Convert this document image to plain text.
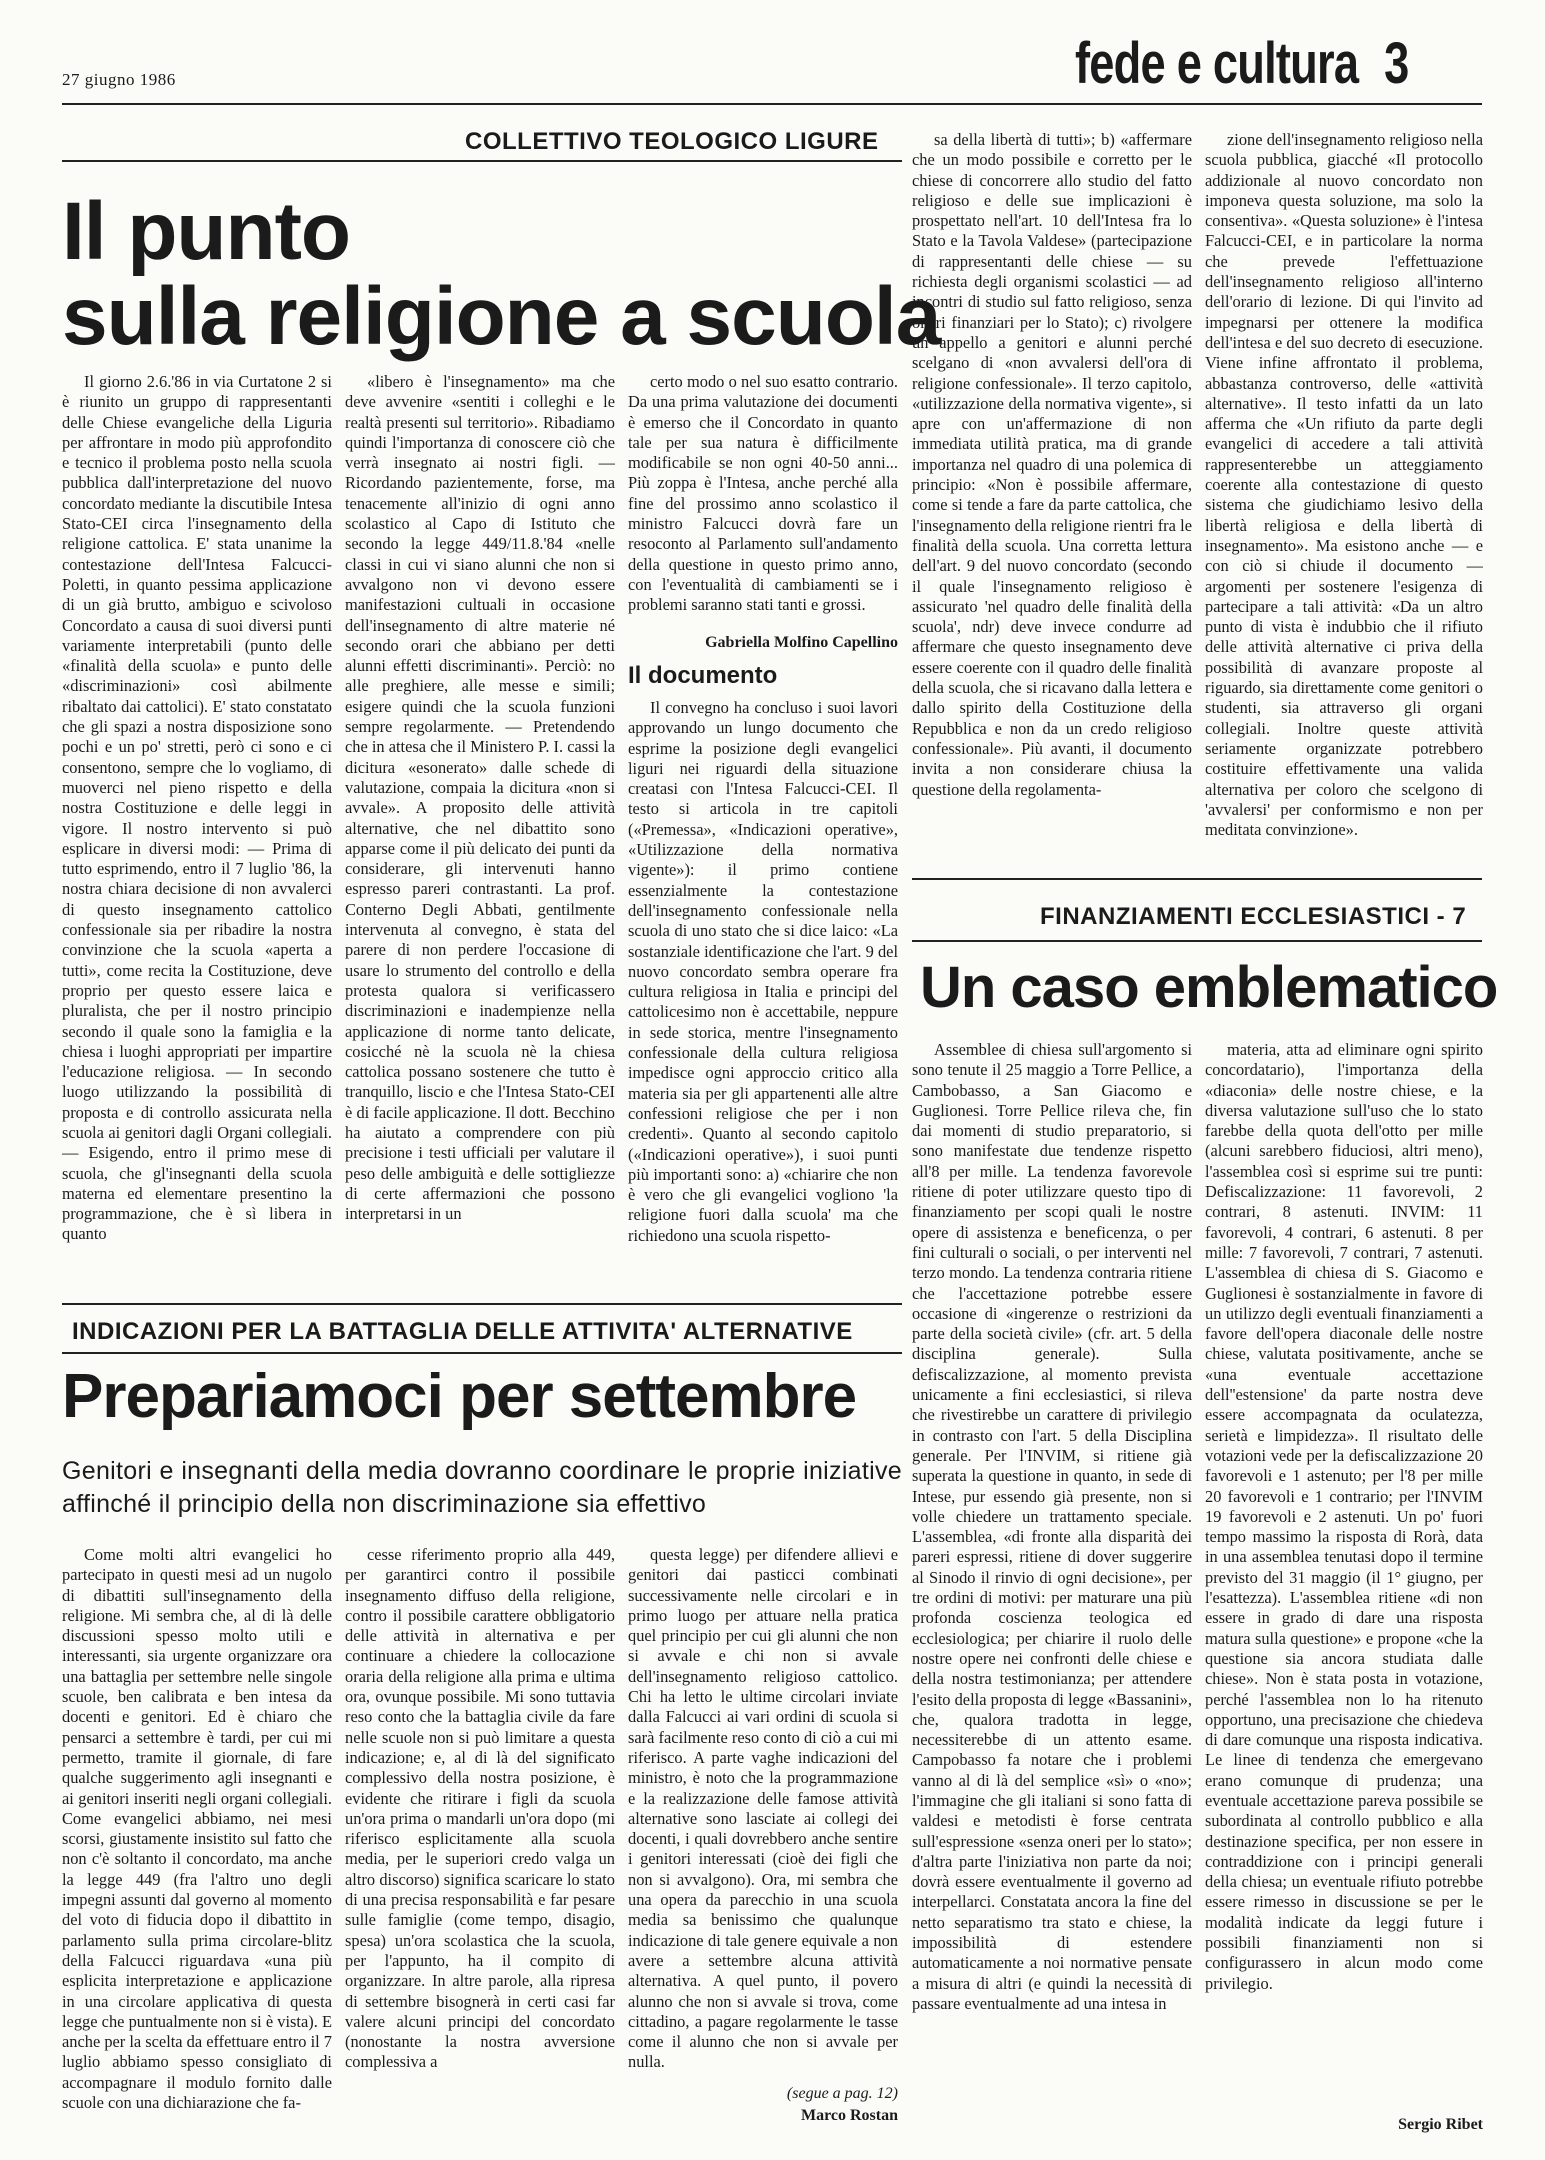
27 giugno 1986	fede e cultura 3
COLLETTIVO TEOLOGICO LIGURE
Il punto
sulla religione a scuola

Il giorno 2.6.'86 in via Curtatone 2 si è riunito un gruppo di rappresentanti delle Chiese evangeliche della Liguria per affrontare in modo più approfondito e tecnico il problema posto nella scuola pubblica dall'interpretazione del nuovo concordato mediante la discutibile Intesa Stato-CEI circa l'insegnamento della religione cattolica. E' stata unanime la contestazione dell'Intesa Falcucci-Poletti, in quanto pessima applicazione di un già brutto, ambiguo e scivoloso Concordato a causa di suoi diversi punti variamente interpretabili (punto delle «finalità della scuola» e punto delle «discriminazioni» così abilmente ribaltato dai cattolici). E' stato constatato che gli spazi a nostra disposizione sono pochi e un po' stretti, però ci sono e ci consentono, sempre che lo vogliamo, di muoverci nel pieno rispetto e della nostra Costituzione e delle leggi in vigore. Il nostro intervento si può esplicare in diversi modi: — Prima di tutto esprimendo, entro il 7 luglio '86, la nostra chiara decisione di non avvalerci di questo insegnamento cattolico confessionale sia per ribadire la nostra convinzione che la scuola «aperta a tutti», come recita la Costituzione, deve proprio per questo essere laica e pluralista, che per il nostro principio secondo il quale sono la famiglia e la chiesa i luoghi appropriati per impartire l'educazione religiosa. — In secondo luogo utilizzando la possibilità di proposta e di controllo assicurata nella scuola ai genitori dagli Organi collegiali. — Esigendo, entro il primo mese di scuola, che gl'insegnanti della scuola materna ed elementare presentino la programmazione, che è sì libera in quanto

«libero è l'insegnamento» ma che deve avvenire «sentiti i colleghi e le realtà presenti sul territorio». Ribadiamo quindi l'importanza di conoscere ciò che verrà insegnato ai nostri figli. — Ricordando pazientemente, forse, ma tenacemente all'inizio di ogni anno scolastico al Capo di Istituto che secondo la legge 449/11.8.'84 «nelle classi in cui vi siano alunni che non si avvalgono non vi devono essere manifestazioni cultuali in occasione dell'insegnamento di altre materie né secondo orari che abbiano per detti alunni effetti discriminanti». Perciò: no alle preghiere, alle messe e simili; esigere quindi che la scuola funzioni sempre regolarmente. — Pretendendo che in attesa che il Ministero P. I. cassi la dicitura «esonerato» dalle schede di valutazione, compaia la dicitura «non si avvale». A proposito delle attività alternative, che nel dibattito sono apparse come il più delicato dei punti da considerare, gli intervenuti hanno espresso pareri contrastanti. La prof. Conterno Degli Abbati, gentilmente intervenuta al convegno, è stata del parere di non perdere l'occasione di usare lo strumento del controllo e della protesta qualora si verificassero discriminazioni e inadempienze nella applicazione di norme tanto delicate, cosicché nè la scuola nè la chiesa cattolica possano sostenere che tutto è tranquillo, liscio e che l'Intesa Stato-CEI è di facile applicazione. Il dott. Becchino ha aiutato a comprendere con più precisione i testi ufficiali per valutare il peso delle ambiguità e delle sottigliezze di certe affermazioni che possono interpretarsi in un

certo modo o nel suo esatto contrario. Da una prima valutazione dei documenti è emerso che il Concordato in quanto tale per sua natura è difficilmente modificabile se non ogni 40-50 anni... Più zoppa è l'Intesa, anche perché alla fine del prossimo anno scolastico il ministro Falcucci dovrà fare un resoconto al Parlamento sull'andamento della questione in questo primo anno, con l'eventualità di cambiamenti se i problemi saranno stati tanti e grossi.

Gabriella Molfino Capellino
Il documento

Il convegno ha concluso i suoi lavori approvando un lungo documento che esprime la posizione degli evangelici liguri nei riguardi della situazione creatasi con l'Intesa Falcucci-CEI. Il testo si articola in tre capitoli («Premessa», «Indicazioni operative», «Utilizzazione della normativa vigente»): il primo contiene essenzialmente la contestazione dell'insegnamento confessionale nella scuola di uno stato che si dice laico: «La sostanziale identificazione che l'art. 9 del nuovo concordato sembra operare fra cultura religiosa in Italia e principi del cattolicesimo non è accettabile, neppure in sede storica, mentre l'insegnamento confessionale della cultura religiosa impedisce ogni approccio critico alla materia sia per gli appartenenti alle altre confessioni religiose che per i non credenti». Quanto al secondo capitolo («Indicazioni operative»), i suoi punti più importanti sono: a) «chiarire che non è vero che gli evangelici vogliono 'la religione fuori dalla scuola' ma che richiedono una scuola rispetto-

sa della libertà di tutti»; b) «affermare che un modo possibile e corretto per le chiese di concorrere allo studio del fatto religioso e delle sue implicazioni è prospettato nell'art. 10 dell'Intesa fra lo Stato e la Tavola Valdese» (partecipazione di rappresentanti delle chiese — su richiesta degli organismi scolastici — ad incontri di studio sul fatto religioso, senza oneri finanziari per lo Stato); c) rivolgere un appello a genitori e alunni perché scelgano di «non avvalersi dell'ora di religione confessionale». Il terzo capitolo, «utilizzazione della normativa vigente», si apre con un'affermazione di non immediata utilità pratica, ma di grande importanza nel quadro di una polemica di principio: «Non è possibile affermare, come si tende a fare da parte cattolica, che l'insegnamento della religione rientri fra le finalità della scuola. Una corretta lettura dell'art. 9 del nuovo concordato (secondo il quale l'insegnamento religioso è assicurato 'nel quadro delle finalità della scuola', ndr) deve invece condurre ad affermare che questo insegnamento deve essere coerente con il quadro delle finalità della scuola, che si ricavano dalla lettera e dallo spirito della Costituzione della Repubblica e non da un credo religioso confessionale». Più avanti, il documento invita a non considerare chiusa la questione della regolamenta-

zione dell'insegnamento religioso nella scuola pubblica, giacché «Il protocollo addizionale al nuovo concordato non imponeva questa soluzione, ma solo la consentiva». «Questa soluzione» è l'intesa Falcucci-CEI, e in particolare la norma che prevede l'effettuazione dell'insegnamento religioso all'interno dell'orario di lezione. Di qui l'invito ad impegnarsi per ottenere la modifica dell'intesa e del suo decreto di esecuzione. Viene infine affrontato il problema, abbastanza controverso, delle «attività alternative». Il testo infatti da un lato afferma che «Un rifiuto da parte degli evangelici di accedere a tali attività rappresenterebbe un atteggiamento coerente alla contestazione di questo sistema che giudichiamo lesivo della libertà religiosa e della libertà di insegnamento». Ma esistono anche — e con ciò si chiude il documento — argomenti per sostenere l'esigenza di partecipare a tali attività: «Da un altro punto di vista è indubbio che il rifiuto delle attività alternative ci priva della possibilità di avanzare proposte al riguardo, sia direttamente come genitori o studenti, sia attraverso gli organi collegiali. Inoltre queste attività seriamente organizzate potrebbero costituire effettivamente una valida alternativa per coloro che scelgono di 'avvalersi' per conformismo e non per meditata convinzione».

FINANZIAMENTI ECCLESIASTICI - 7
Un caso emblematico

Assemblee di chiesa sull'argomento si sono tenute il 25 maggio a Torre Pellice, a Cambobasso, a San Giacomo e Guglionesi. Torre Pellice rileva che, fin dai momenti di studio preparatorio, si sono manifestate due tendenze rispetto all'8 per mille. La tendenza favorevole ritiene di poter utilizzare questo tipo di finanziamento per scopi quali le nostre opere di assistenza e beneficenza, o per fini culturali o sociali, o per interventi nel terzo mondo. La tendenza contraria ritiene che l'accettazione potrebbe essere occasione di «ingerenze o restrizioni da parte della società civile» (cfr. art. 5 della disciplina generale). Sulla defiscalizzazione, al momento prevista unicamente a fini ecclesiastici, si rileva che rivestirebbe un carattere di privilegio in contrasto con l'art. 5 della Disciplina generale. Per l'INVIM, si ritiene già superata la questione in quanto, in sede di Intese, pur essendo già presente, non si volle chiedere un trattamento speciale. L'assemblea, «di fronte alla disparità dei pareri espressi, ritiene di dover suggerire al Sinodo il rinvio di ogni decisione», per tre ordini di motivi: per maturare una più profonda coscienza teologica ed ecclesiologica; per chiarire il ruolo delle nostre opere nei confronti delle chiese e della nostra testimonianza; per attendere l'esito della proposta di legge «Bassanini», che, qualora tradotta in legge, necessiterebbe di un attento esame. Campobasso fa notare che i problemi vanno al di là del semplice «sì» o «no»; l'immagine che gli italiani si sono fatta di valdesi e metodisti è forse centrata sull'espressione «senza oneri per lo stato»; d'altra parte l'iniziativa non parte da noi; dovrà essere eventualmente il governo ad interpellarci. Constatata ancora la fine del netto separatismo tra stato e chiese, la impossibilità di estendere automaticamente a noi normative pensate a misura di altri (e quindi la necessità di passare eventualmente ad una intesa in

materia, atta ad eliminare ogni spirito concordatario), l'importanza della «diaconia» delle nostre chiese, e la diversa valutazione sull'uso che lo stato farebbe della quota dell'otto per mille (alcuni sarebbero fiduciosi, altri meno), l'assemblea così si esprime sui tre punti: Defiscalizzazione: 11 favorevoli, 2 contrari, 8 astenuti. INVIM: 11 favorevoli, 4 contrari, 6 astenuti. 8 per mille: 7 favorevoli, 7 contrari, 7 astenuti. L'assemblea di chiesa di S. Giacomo e Guglionesi è sostanzialmente in favore di un utilizzo degli eventuali finanziamenti a favore dell'opera diaconale delle nostre chiese, valutata positivamente, anche se «una eventuale accettazione dell''estensione' da parte nostra deve essere accompagnata da oculatezza, serietà e limpidezza». Il risultato delle votazioni vede per la defiscalizzazione 20 favorevoli e 1 astenuto; per l'8 per mille 20 favorevoli e 1 contrario; per l'INVIM 19 favorevoli e 2 astenuti. Un po' fuori tempo massimo la risposta di Rorà, data in una assemblea tenutasi dopo il termine previsto del 31 maggio (il 1° giugno, per l'esattezza). L'assemblea ritiene «di non essere in grado di dare una risposta matura sulla questione» e propone «che la questione sia ancora studiata dalle chiese». Non è stata posta in votazione, perché l'assemblea non lo ha ritenuto opportuno, una precisazione che chiedeva di dare comunque una risposta indicativa. Le linee di tendenza che emergevano erano comunque di prudenza; una eventuale accettazione pareva possibile se subordinata al controllo pubblico e alla destinazione specifica, per non essere in contraddizione con i principi generali della chiesa; un eventuale rifiuto potrebbe essere rimesso in discussione se per le modalità indicate da leggi future i possibili finanziamenti non si configurassero in alcun modo come privilegio.

Sergio Ribet
INDICAZIONI PER LA BATTAGLIA DELLE ATTIVITA' ALTERNATIVE
Prepariamoci per settembre
Genitori e insegnanti della media dovranno coordinare le proprie iniziative affinché il principio della non discriminazione sia effettivo

Come molti altri evangelici ho partecipato in questi mesi ad un nugolo di dibattiti sull'insegnamento della religione. Mi sembra che, al di là delle discussioni spesso molto utili e interessanti, sia urgente organizzare ora una battaglia per settembre nelle singole scuole, ben calibrata e ben intesa da docenti e genitori. Ed è chiaro che pensarci a settembre è tardi, per cui mi permetto, tramite il giornale, di fare qualche suggerimento agli insegnanti e ai genitori inseriti negli organi collegiali. Come evangelici abbiamo, nei mesi scorsi, giustamente insistito sul fatto che non c'è soltanto il concordato, ma anche la legge 449 (fra l'altro uno degli impegni assunti dal governo al momento del voto di fiducia dopo il dibattito in parlamento sulla prima circolare-blitz della Falcucci riguardava «una più esplicita interpretazione e applicazione in una circolare applicativa di questa legge che puntualmente non si è vista). E anche per la scelta da effettuare entro il 7 luglio abbiamo spesso consigliato di accompagnare il modulo fornito dalle scuole con una dichiarazione che fa-

cesse riferimento proprio alla 449, per garantirci contro il possibile insegnamento diffuso della religione, contro il possibile carattere obbligatorio delle attività in alternativa e per continuare a chiedere la collocazione oraria della religione alla prima e ultima ora, ovunque possibile. Mi sono tuttavia reso conto che la battaglia civile da fare nelle scuole non si può limitare a questa indicazione; e, al di là del significato complessivo della nostra posizione, è evidente che ritirare i figli da scuola un'ora prima o mandarli un'ora dopo (mi riferisco esplicitamente alla scuola media, per le superiori credo valga un altro discorso) significa scaricare lo stato di una precisa responsabilità e far pesare sulle famiglie (come tempo, disagio, spesa) un'ora scolastica che la scuola, per l'appunto, ha il compito di organizzare. In altre parole, alla ripresa di settembre bisognerà in certi casi far valere alcuni principi del concordato (nonostante la nostra avversione complessiva a

questa legge) per difendere allievi e genitori dai pasticci combinati successivamente nelle circolari e in primo luogo per attuare nella pratica quel principio per cui gli alunni che non si avvale e chi non si avvale dell'insegnamento religioso cattolico. Chi ha letto le ultime circolari inviate dalla Falcucci ai vari ordini di scuola si sarà facilmente reso conto di ciò a cui mi riferisco. A parte vaghe indicazioni del ministro, è noto che la programmazione e la realizzazione delle famose attività alternative sono lasciate ai collegi dei docenti, i quali dovrebbero anche sentire i genitori interessati (cioè dei figli che non si avvalgono). Ora, mi sembra che una opera da parecchio in una scuola media sa benissimo che qualunque indicazione di tale genere equivale a non avere a settembre alcuna attività alternativa. A quel punto, il povero alunno che non si avvale si trova, come cittadino, a pagare regolarmente le tasse come il alunno che non si avvale per nulla.

(segue a pag. 12)
Marco Rostan
